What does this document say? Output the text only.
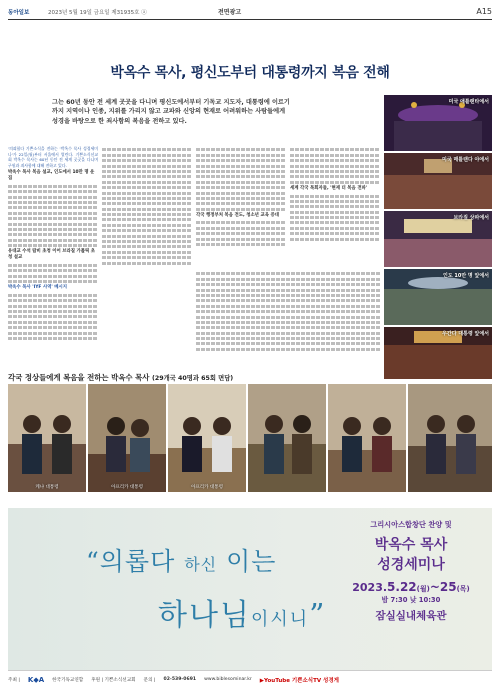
동아일보	2023년 5월 19일 금요일 제31935호 ⓐ	전면광고	A15
박옥수 목사, 평신도부터 대통령까지 복음 전해
그는 60년 동안 전 세계 곳곳을 다니며 평신도에서부터 기독교 지도자, 대통령에 이르기까지 지역이나 인종, 지위를 가리지 않고 교파와 신앙의 현재로 어려워하는 사람들에게 성경을 바탕으로 한 죄사함의 복음을 전하고 있다.

'의뢰합다 기쁜소식을 전하는 '박옥수 목사 성경세미나'가 22일(월)부터 서울에서 열린다. 기쁜소식선교회 박옥수 목사는 60년 동안 전 세계 곳곳을 다니며 구원과 죄사함에 대해 전하고 있다.

박옥수 목사 복음 설교, 인도에서 10만 명 운집
유대교 수석 랍비 초청 이어 브라질 가톨릭 초청 설교
박옥수 목사 'IYF 사역' 메시지
각국 행정부처 복음 전도, 청소년 교육 증대
세계 각국 목회자들, '현재 더 복음 전파'
미국 애틀랜타에서
미국 매틀랜다 야에서
브라질 상파에서
인도 10만 명 앞에서
우간다 대통령 앞에서
각국 정상들에게 복음을 전하는 박옥수 목사 (29개국 40명과 65회 면담)
케냐 대통령	아프리카 대통령	아프리카 대통령
“의롭다 하신 이는
하나님이시니”
그리시아스합창단 찬양 및
박옥수 목사
성경세미나
2023.5.22(월)~25(목)
밤 7:30 낮 10:30
잠실실내체육관
주최 | K◆A 한국기독교연합 후원 | 기쁜소식선교회 문의 | 02-539-0691 www.biblesominar.kr ▶YouTube 기쁜소식TV 성경게
